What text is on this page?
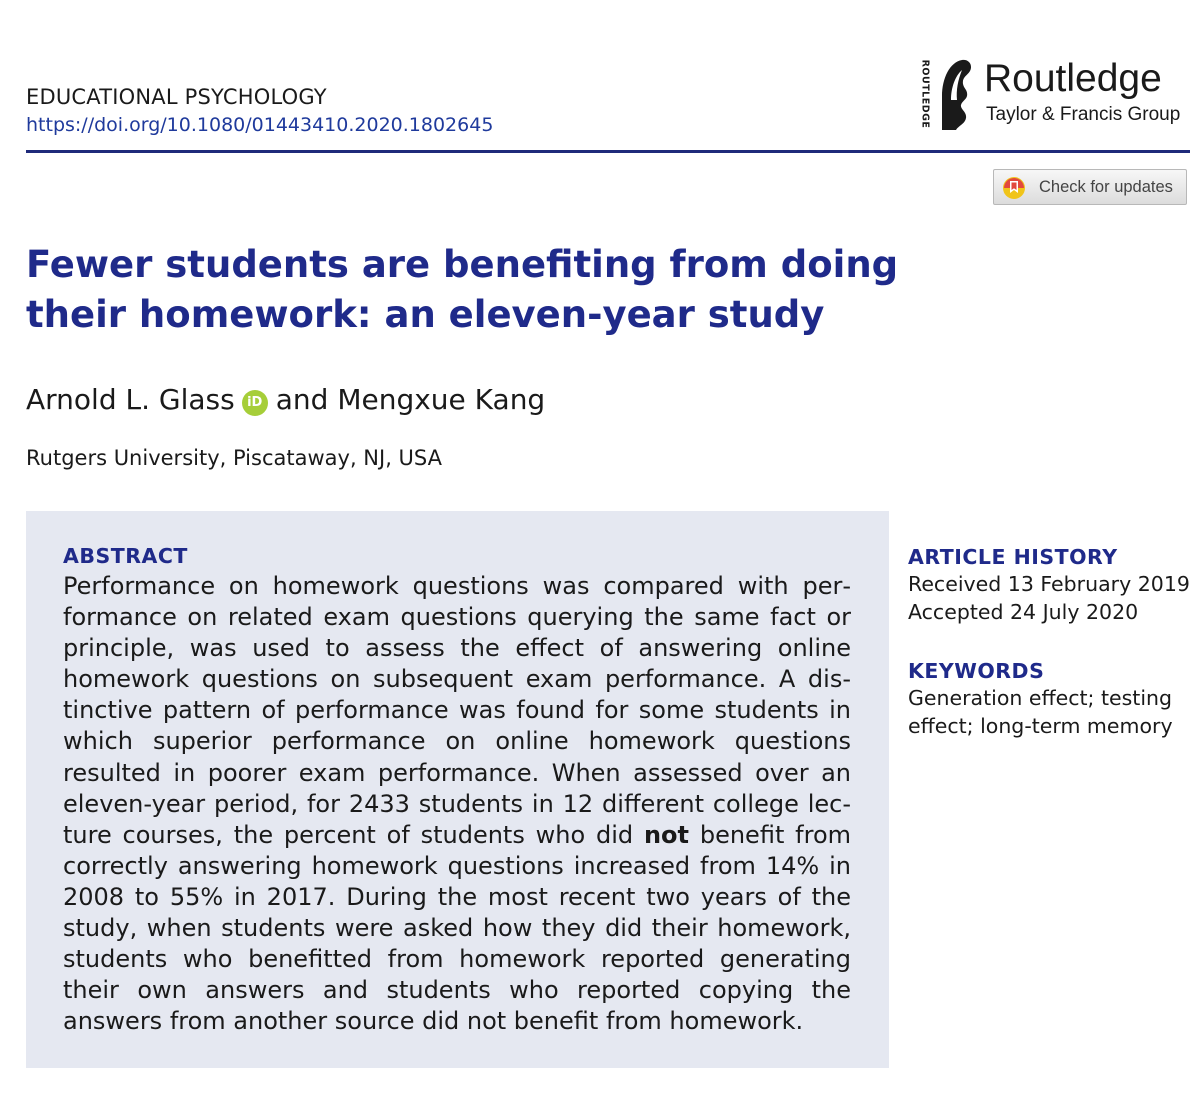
EDUCATIONAL PSYCHOLOGY
https://doi.org/10.1080/01443410.2020.1802645	ROUTLEDGE Routledge
Taylor & Francis Group
Check for updates
Fewer students are benefiting from doing their homework: an eleven-year study
Arnold L. Glass iD and Mengxue Kang
Rutgers University, Piscataway, NJ, USA
ABSTRACT

Performance on homework questions was compared with performance on related exam questions querying the same fact or principle, was used to assess the effect of answering online homework questions on subsequent exam performance. A distinctive pattern of performance was found for some students in which superior performance on online homework questions resulted in poorer exam performance. When assessed over an eleven-year period, for 2433 students in 12 different college lecture courses, the percent of students who did not benefit from correctly answering homework questions increased from 14% in 2008 to 55% in 2017. During the most recent two years of the study, when students were asked how they did their homework, students who benefitted from homework reported generating their own answers and students who reported copying the answers from another source did not benefit from homework.

ARTICLE HISTORY
Received 13 February 2019
Accepted 24 July 2020
KEYWORDS
Generation effect; testing effect; long-term memory
